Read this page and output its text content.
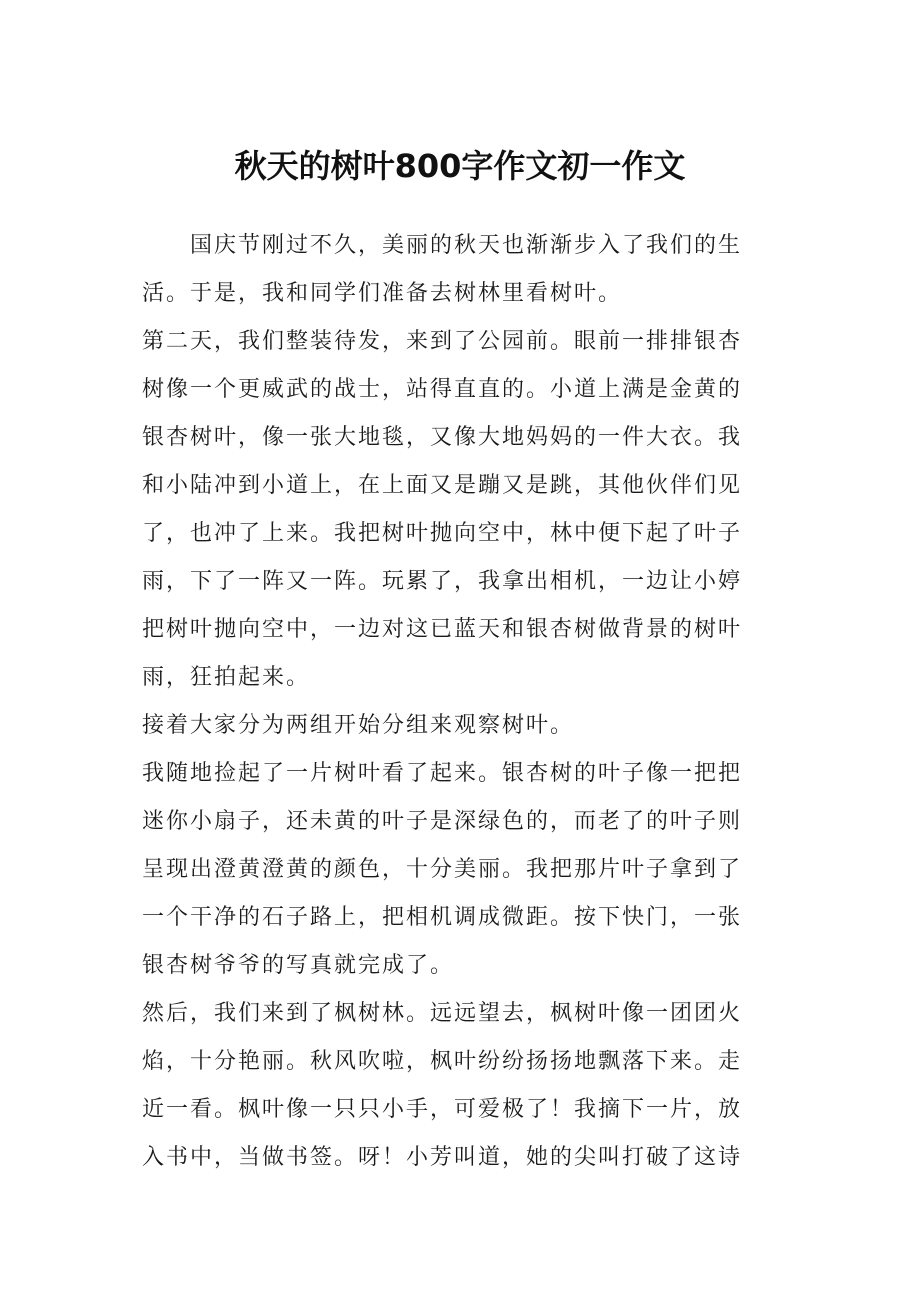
秋天的树叶800字作文初一作文
　　国庆节刚过不久，美丽的秋天也渐渐步入了我们的生
活。于是，我和同学们准备去树林里看树叶。
第二天，我们整装待发，来到了公园前。眼前一排排银杏
树像一个更威武的战士，站得直直的。小道上满是金黄的
银杏树叶，像一张大地毯，又像大地妈妈的一件大衣。我
和小陆冲到小道上，在上面又是蹦又是跳，其他伙伴们见
了，也冲了上来。我把树叶抛向空中，林中便下起了叶子
雨，下了一阵又一阵。玩累了，我拿出相机，一边让小婷
把树叶抛向空中，一边对这已蓝天和银杏树做背景的树叶
雨，狂拍起来。
接着大家分为两组开始分组来观察树叶。
我随地捡起了一片树叶看了起来。银杏树的叶子像一把把
迷你小扇子，还未黄的叶子是深绿色的，而老了的叶子则
呈现出澄黄澄黄的颜色，十分美丽。我把那片叶子拿到了
一个干净的石子路上，把相机调成微距。按下快门，一张
银杏树爷爷的写真就完成了。
然后，我们来到了枫树林。远远望去，枫树叶像一团团火
焰，十分艳丽。秋风吹啦，枫叶纷纷扬扬地飘落下来。走
近一看。枫叶像一只只小手，可爱极了！我摘下一片，放
入书中，当做书签。呀！小芳叫道，她的尖叫打破了这诗
